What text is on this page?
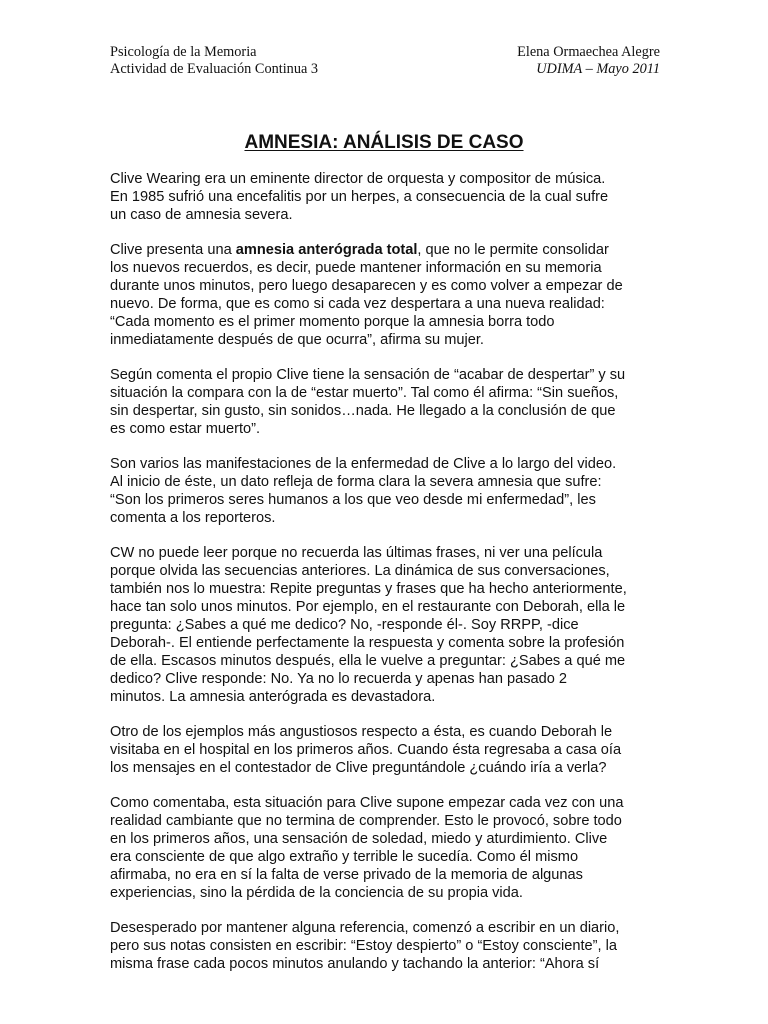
Psicología de la Memoria
Actividad de Evaluación Continua 3
Elena Ormaechea Alegre
UDIMA – Mayo 2011
AMNESIA: ANÁLISIS DE CASO

Clive Wearing era un eminente director de orquesta y compositor de música.
En 1985 sufrió una encefalitis por un herpes, a consecuencia de la cual sufre
un caso de amnesia severa.

Clive presenta una amnesia anterógrada total, que no le permite consolidar
los nuevos recuerdos, es decir, puede mantener información en su memoria
durante unos minutos, pero luego desaparecen y es como volver a empezar de
nuevo. De forma, que es como si cada vez despertara a una nueva realidad:
“Cada momento es el primer momento porque la amnesia borra todo
inmediatamente después de que ocurra”, afirma su mujer.

Según comenta el propio Clive tiene la sensación de “acabar de despertar” y su
situación la compara con la de “estar muerto”. Tal como él afirma: “Sin sueños,
sin despertar, sin gusto, sin sonidos…nada. He llegado a la conclusión de que
es como estar muerto”.

Son varios las manifestaciones de la enfermedad de Clive a lo largo del video.
Al inicio de éste, un dato refleja de forma clara la severa amnesia que sufre:
“Son los primeros seres humanos a los que veo desde mi enfermedad”, les
comenta a los reporteros.

CW no puede leer porque no recuerda las últimas frases, ni ver una película
porque olvida las secuencias anteriores. La dinámica de sus conversaciones,
también nos lo muestra: Repite preguntas y frases que ha hecho anteriormente,
hace tan solo unos minutos. Por ejemplo, en el restaurante con Deborah, ella le
pregunta: ¿Sabes a qué me dedico? No, -responde él-. Soy RRPP, -dice
Deborah-. El entiende perfectamente la respuesta y comenta sobre la profesión
de ella. Escasos minutos después, ella le vuelve a preguntar: ¿Sabes a qué me
dedico? Clive responde: No. Ya no lo recuerda y apenas han pasado 2
minutos. La amnesia anterógrada es devastadora.

Otro de los ejemplos más angustiosos respecto a ésta, es cuando Deborah le
visitaba en el hospital en los primeros años. Cuando ésta regresaba a casa oía
los mensajes en el contestador de Clive preguntándole ¿cuándo iría a verla?

Como comentaba, esta situación para Clive supone empezar cada vez con una
realidad cambiante que no termina de comprender. Esto le provocó, sobre todo
en los primeros años, una sensación de soledad, miedo y aturdimiento. Clive
era consciente de que algo extraño y terrible le sucedía. Como él mismo
afirmaba, no era en sí la falta de verse privado de la memoria de algunas
experiencias, sino la pérdida de la conciencia de su propia vida.

Desesperado por mantener alguna referencia, comenzó a escribir en un diario,
pero sus notas consisten en escribir: “Estoy despierto” o “Estoy consciente”, la
misma frase cada pocos minutos anulando y tachando la anterior: “Ahora sí
